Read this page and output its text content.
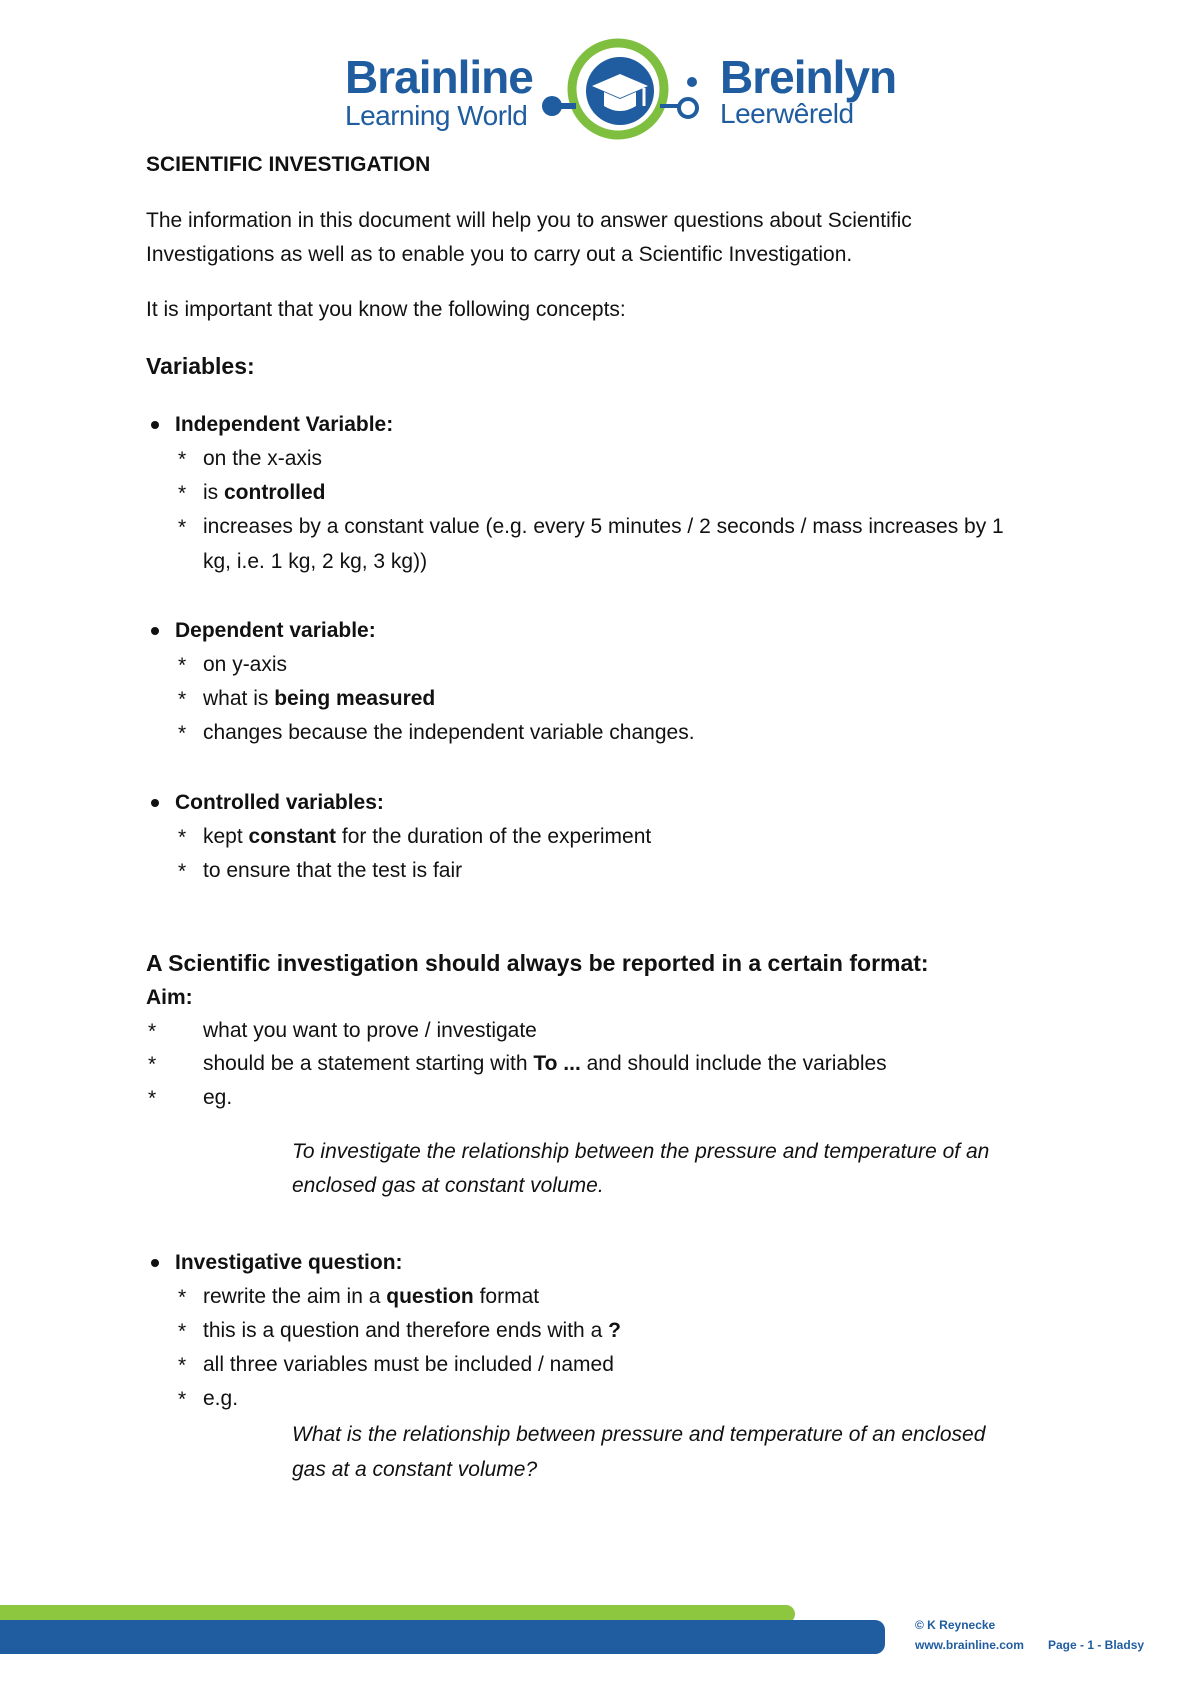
Brainline
Learning World
Breinlyn
Leerwêreld
SCIENTIFIC INVESTIGATION
The information in this document will help you to answer questions about Scientific
Investigations as well as to enable you to carry out a Scientific Investigation.
It is important that you know the following concepts:
Variables:
Independent Variable:
* on the x-axis
* is controlled
* increases by a constant value (e.g. every 5 minutes / 2 seconds / mass increases by 1
kg, i.e. 1 kg, 2 kg, 3 kg))
Dependent variable:
* on y-axis
* what is being measured
* changes because the independent variable changes.
Controlled variables:
* kept constant for the duration of the experiment
* to ensure that the test is fair
A Scientific investigation should always be reported in a certain format:
Aim:
* what you want to prove / investigate
* should be a statement starting with To ... and should include the variables
* eg.
To investigate the relationship between the pressure and temperature of an
enclosed gas at constant volume.
Investigative question:
* rewrite the aim in a question format
* this is a question and therefore ends with a ?
* all three variables must be included / named
* e.g.
What is the relationship between pressure and temperature of an enclosed
gas at a constant volume?
© K Reynecke
www.brainline.com Page - 1 - Bladsy
